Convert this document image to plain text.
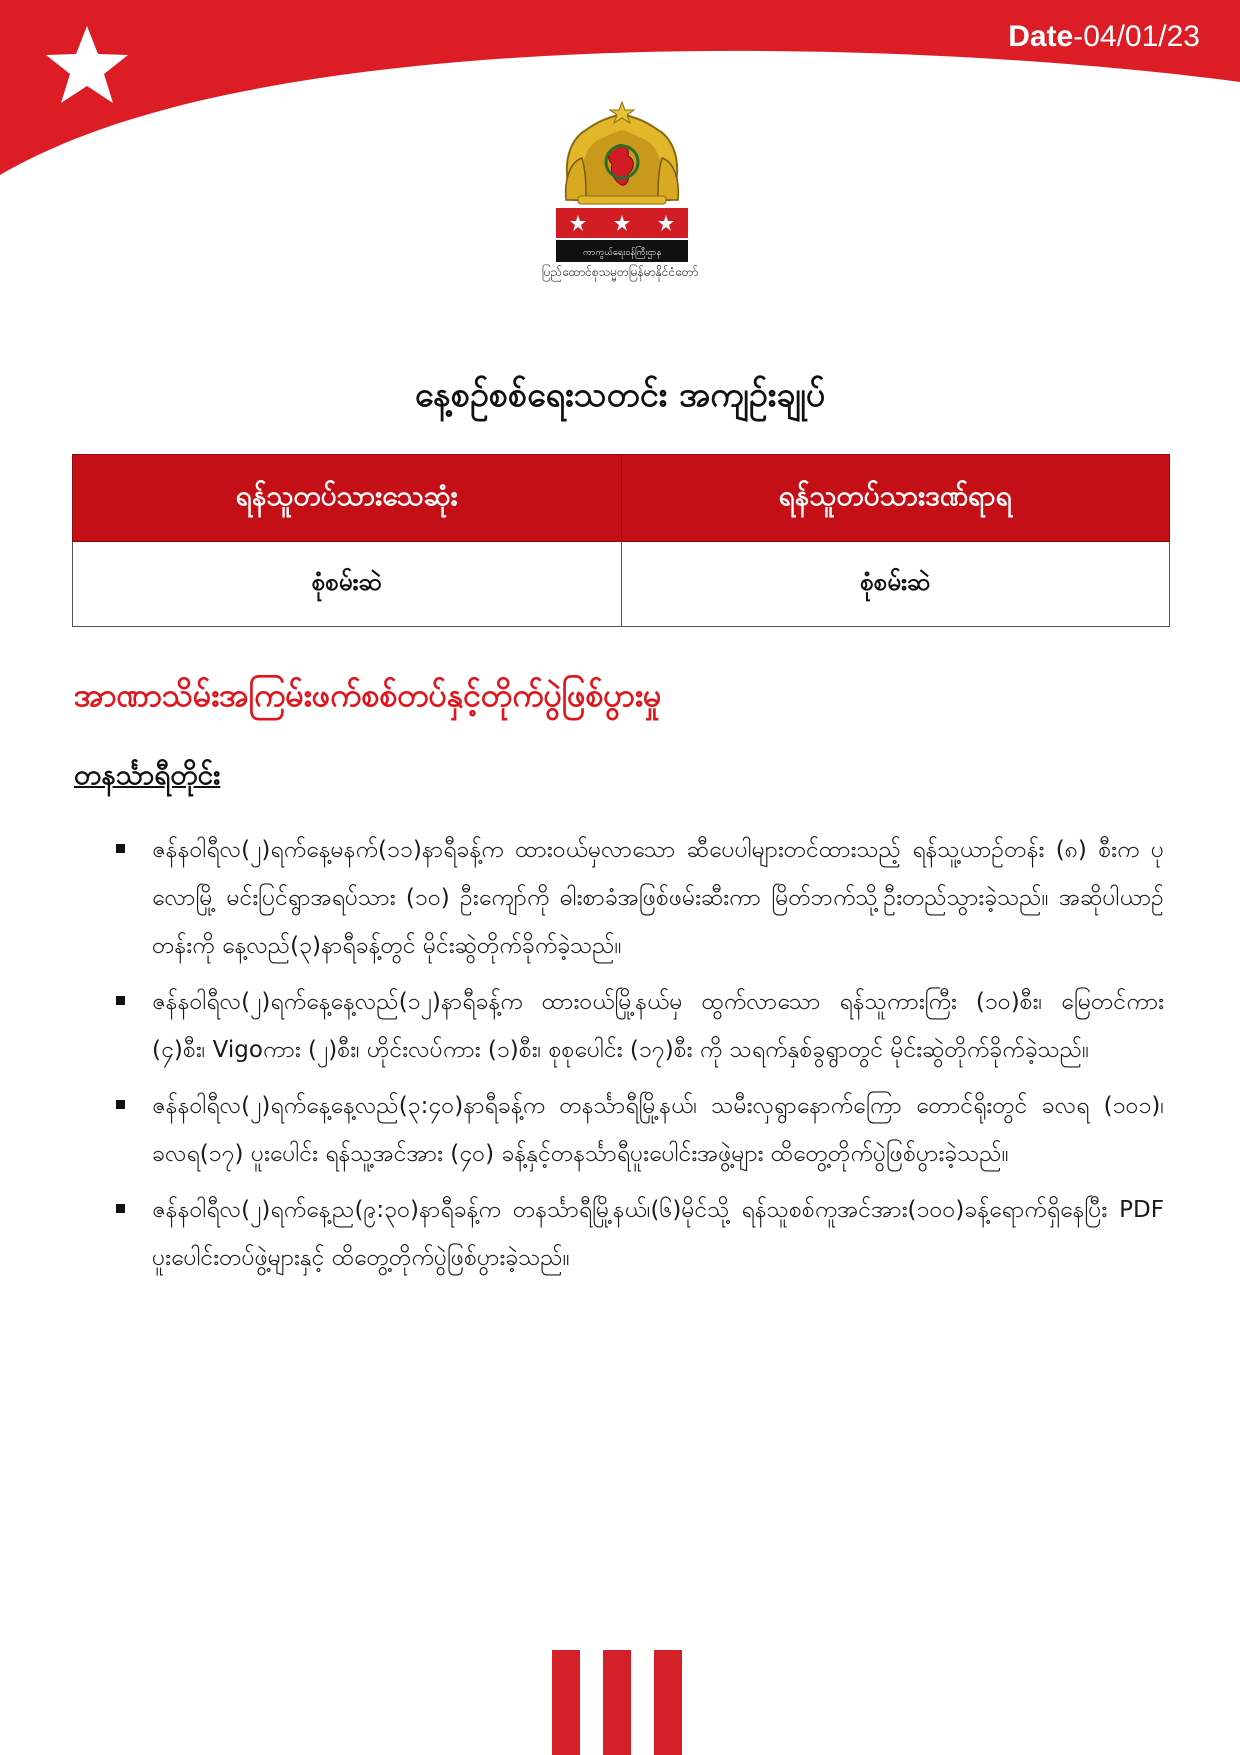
Date-04/01/23
ကာကွယ်ရေးဝန်ကြီးဌာန
ပြည်ထောင်စုသမ္မတမြန်မာနိုင်ငံတော်
နေ့စဉ်စစ်ရေးသတင်း အကျဉ်းချုပ်
ရန်သူတပ်သားသေဆုံး	ရန်သူတပ်သားဒဏ်ရာရ
စုံစမ်းဆဲ	စုံစမ်းဆဲ
အာဏာသိမ်းအကြမ်းဖက်စစ်တပ်နှင့်တိုက်ပွဲဖြစ်ပွားမှု
တနင်္သာရီတိုင်း
ဇန်နဝါရီလ(၂)ရက်နေ့မနက်(၁၁)နာရီခန့်က ထားဝယ်မှလာသော ဆီပေပါများတင်ထားသည့် ရန်သူ့ယာဉ်တန်း (၈) စီးက ပုလောမြို့ မင်းပြင်ရွာအရပ်သား (၁၀) ဦးကျော်ကို ဓါးစာခံအဖြစ်ဖမ်းဆီးကာ မြိတ်ဘက်သို့ဦးတည်သွားခဲ့သည်။ အဆိုပါယာဉ်တန်းကို နေ့လည်(၃)နာရီခန့်တွင် မိုင်းဆွဲတိုက်ခိုက်ခဲ့သည်။
ဇန်နဝါရီလ(၂)ရက်နေ့နေ့လည်(၁၂)နာရီခန့်က ထားဝယ်မြို့နယ်မှ ထွက်လာသော ရန်သူကားကြီး (၁၀)စီး၊ မြေတင်ကား (၄)စီး၊ Vigoကား (၂)စီး၊ ဟိုင်းလပ်ကား (၁)စီး၊ စုစုပေါင်း (၁၇)စီး ကို သရက်နှစ်ခွရွာတွင် မိုင်းဆွဲတိုက်ခိုက်ခဲ့သည်။
ဇန်နဝါရီလ(၂)ရက်နေ့နေ့လည်(၃:၄၀)နာရီခန့်က တနင်္သာရီမြို့နယ်၊ သမီးလှရွာနောက်ကြော တောင်ရိုးတွင် ခလရ (၁၀၁)၊ ခလရ(၁၇) ပူးပေါင်း ရန်သူ့အင်အား (၄၀) ခန့်နှင့်တနင်္သာရီပူးပေါင်းအဖွဲ့များ ထိတွေ့တိုက်ပွဲဖြစ်ပွားခဲ့သည်။
ဇန်နဝါရီလ(၂)ရက်နေ့ည(၉:၃၀)နာရီခန့်က တနင်္သာရီမြို့နယ်၊(၆)မိုင်သို့ ရန်သူစစ်ကူအင်အား(၁၀၀)ခန့်ရောက်ရှိနေပြီး PDF ပူးပေါင်းတပ်ဖွဲ့များနှင့် ထိတွေ့တိုက်ပွဲဖြစ်ပွားခဲ့သည်။
